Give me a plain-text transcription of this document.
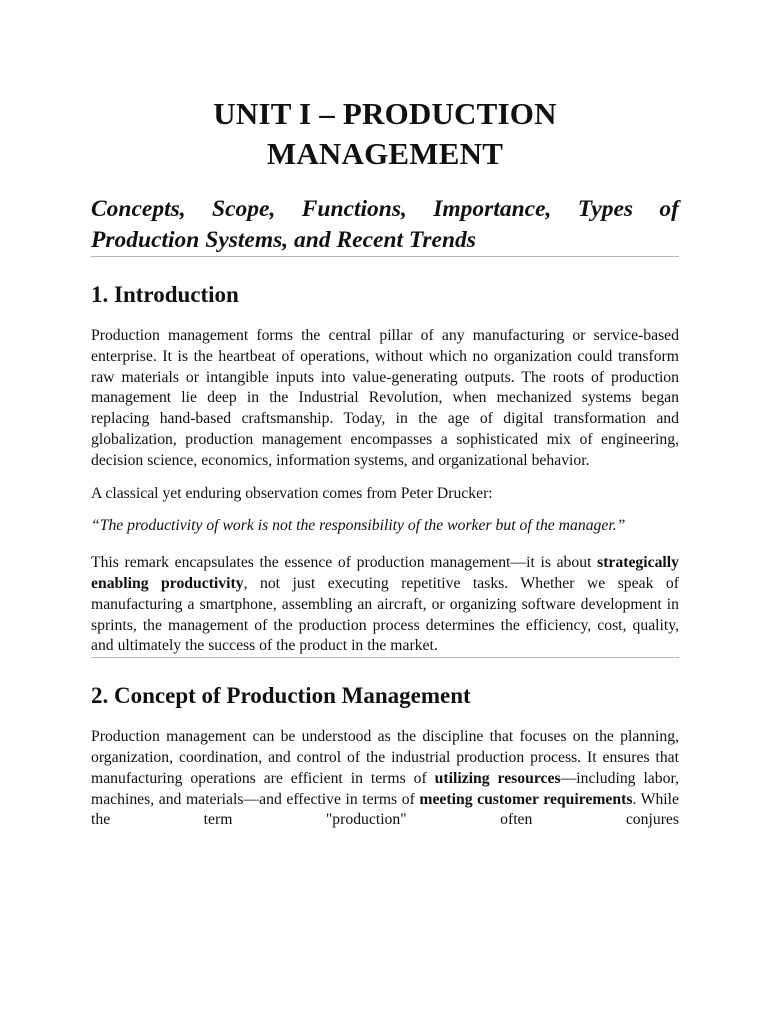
UNIT I – PRODUCTION
MANAGEMENT
Concepts, Scope, Functions, Importance, Types of Production Systems, and Recent Trends
1. Introduction

Production management forms the central pillar of any manufacturing or service-based enterprise. It is the heartbeat of operations, without which no organization could transform raw materials or intangible inputs into value-generating outputs. The roots of production management lie deep in the Industrial Revolution, when mechanized systems began replacing hand-based craftsmanship. Today, in the age of digital transformation and globalization, production management encompasses a sophisticated mix of engineering, decision science, economics, information systems, and organizational behavior.

A classical yet enduring observation comes from Peter Drucker:

“The productivity of work is not the responsibility of the worker but of the manager.”

This remark encapsulates the essence of production management—it is about strategically enabling productivity, not just executing repetitive tasks. Whether we speak of manufacturing a smartphone, assembling an aircraft, or organizing software development in sprints, the management of the production process determines the efficiency, cost, quality, and ultimately the success of the product in the market.

2. Concept of Production Management

Production management can be understood as the discipline that focuses on the planning, organization, coordination, and control of the industrial production process. It ensures that manufacturing operations are efficient in terms of utilizing resources—including labor, machines, and materials—and effective in terms of meeting customer requirements. While the term "production" often conjures
